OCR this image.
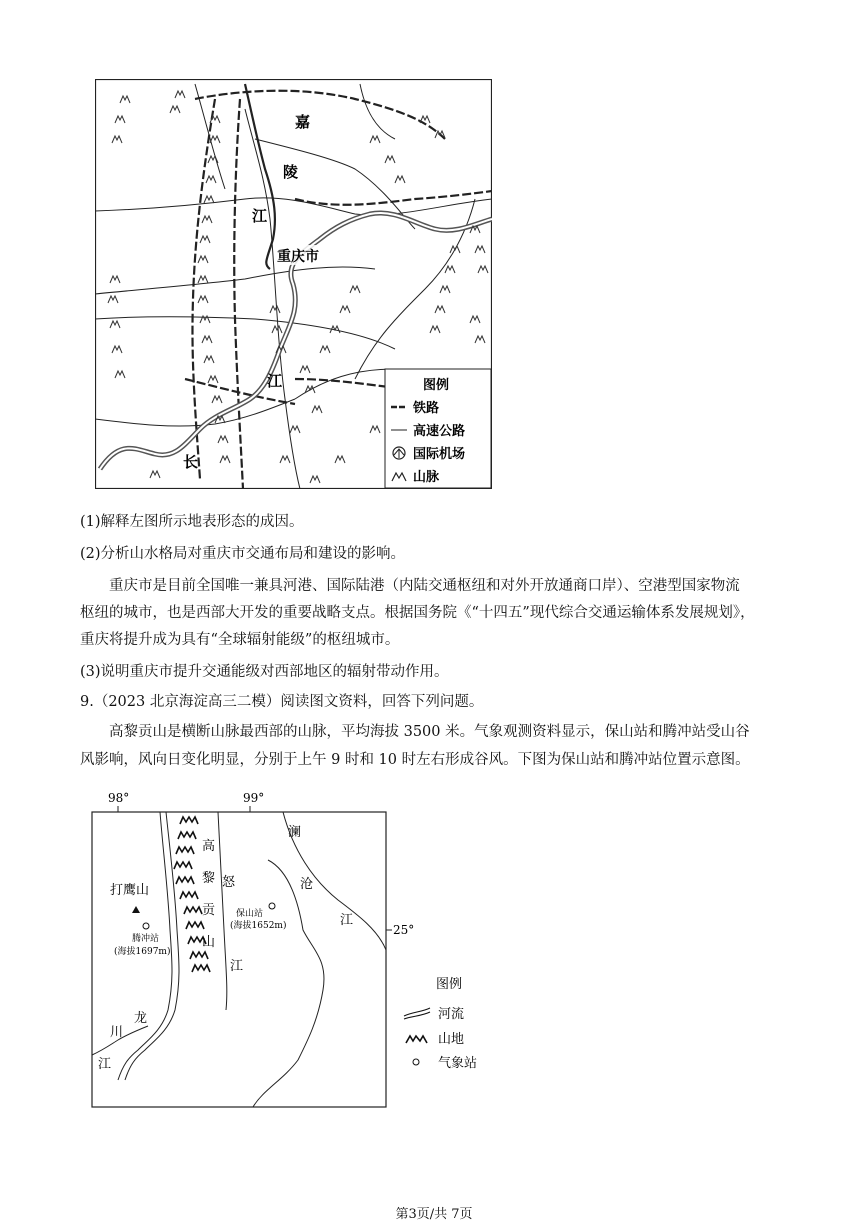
嘉
陵
江
重庆市
江
长
图例
铁路
高速公路
国际机场
山脉

(1)解释左图所示地表形态的成因。

(2)分析山水格局对重庆市交通布局和建设的影响。

重庆市是目前全国唯一兼具河港、国际陆港（内陆交通枢纽和对外开放通商口岸）、空港型国家物流

枢纽的城市，也是西部大开发的重要战略支点。根据国务院《“十四五”现代综合交通运输体系发展规划》，

重庆将提升成为具有“全球辐射能级”的枢纽城市。

(3)说明重庆市提升交通能级对西部地区的辐射带动作用。

9.（2023 北京海淀高三二模）阅读图文资料，回答下列问题。

高黎贡山是横断山脉最西部的山脉，平均海拔 3500 米。气象观测资料显示，保山站和腾冲站受山谷

风影响，风向日变化明显，分别于上午 9 时和 10 时左右形成谷风。下图为保山站和腾冲站位置示意图。

98°	99°
25°
高
黎
贡
山
怒
江
澜
沧
江
龙
川
江
打鹰山
腾冲站
(海拔1697m)
保山站
(海拔1652m)
图例
河流
山地
气象站
第3页/共 7页
